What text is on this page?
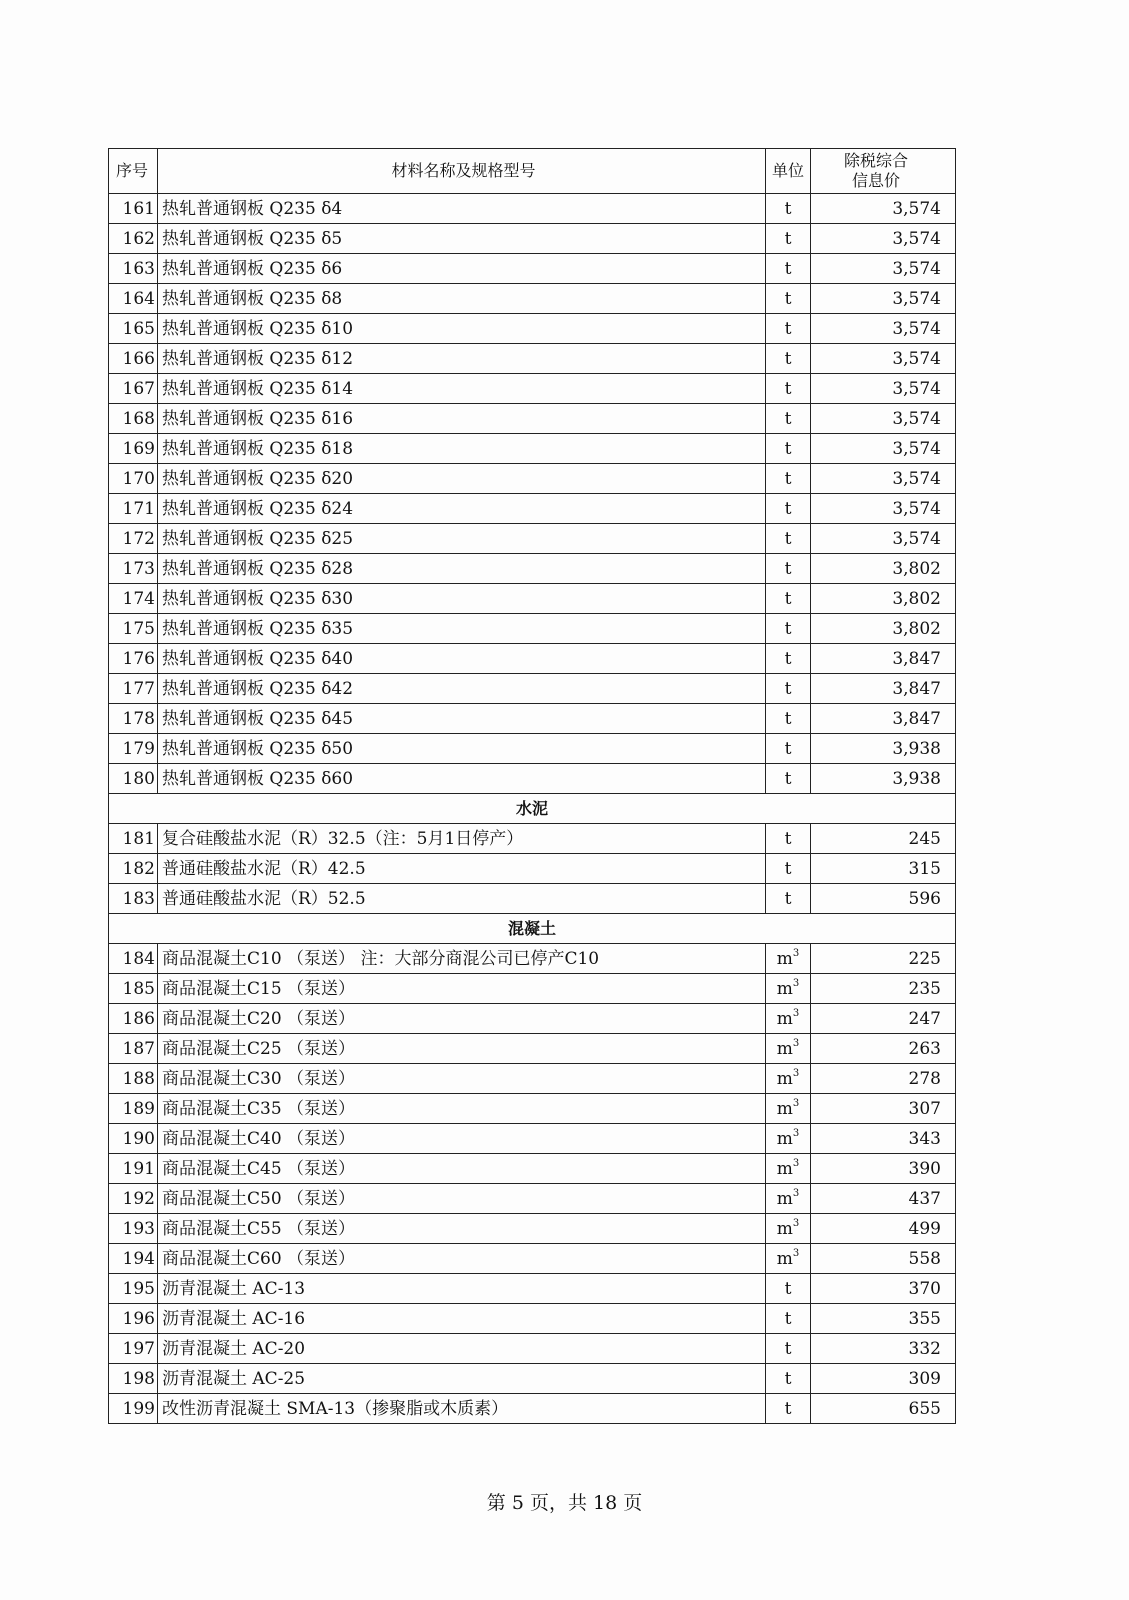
序号	材料名称及规格型号	单位	除税综合
信息价

161	热轧普通钢板 Q235 δ4	t	3,574
162	热轧普通钢板 Q235 δ5	t	3,574
163	热轧普通钢板 Q235 δ6	t	3,574
164	热轧普通钢板 Q235 δ8	t	3,574
165	热轧普通钢板 Q235 δ10	t	3,574
166	热轧普通钢板 Q235 δ12	t	3,574
167	热轧普通钢板 Q235 δ14	t	3,574
168	热轧普通钢板 Q235 δ16	t	3,574
169	热轧普通钢板 Q235 δ18	t	3,574
170	热轧普通钢板 Q235 δ20	t	3,574
171	热轧普通钢板 Q235 δ24	t	3,574
172	热轧普通钢板 Q235 δ25	t	3,574
173	热轧普通钢板 Q235 δ28	t	3,802
174	热轧普通钢板 Q235 δ30	t	3,802
175	热轧普通钢板 Q235 δ35	t	3,802
176	热轧普通钢板 Q235 δ40	t	3,847
177	热轧普通钢板 Q235 δ42	t	3,847
178	热轧普通钢板 Q235 δ45	t	3,847
179	热轧普通钢板 Q235 δ50	t	3,938
180	热轧普通钢板 Q235 δ60	t	3,938
水泥			
181	复合硅酸盐水泥（R）32.5（注：5月1日停产）	t	245
182	普通硅酸盐水泥（R）42.5	t	315
183	普通硅酸盐水泥（R）52.5	t	596
混凝土			
184	商品混凝土C10 （泵送） 注：大部分商混公司已停产C10	$m^3$	225
185	商品混凝土C15 （泵送）	$m^3$	235
186	商品混凝土C20 （泵送）	$m^3$	247
187	商品混凝土C25 （泵送）	$m^3$	263
188	商品混凝土C30 （泵送）	$m^3$	278
189	商品混凝土C35 （泵送）	$m^3$	307
190	商品混凝土C40 （泵送）	$m^3$	343
191	商品混凝土C45 （泵送）	$m^3$	390
192	商品混凝土C50 （泵送）	$m^3$	437
193	商品混凝土C55 （泵送）	$m^3$	499
194	商品混凝土C60 （泵送）	$m^3$	558
195	沥青混凝土 AC-13	t	370
196	沥青混凝土 AC-16	t	355
197	沥青混凝土 AC-20	t	332
198	沥青混凝土 AC-25	t	309
199	改性沥青混凝土 SMA-13（掺聚脂或木质素）	t	655
第 5 页，共 18 页
